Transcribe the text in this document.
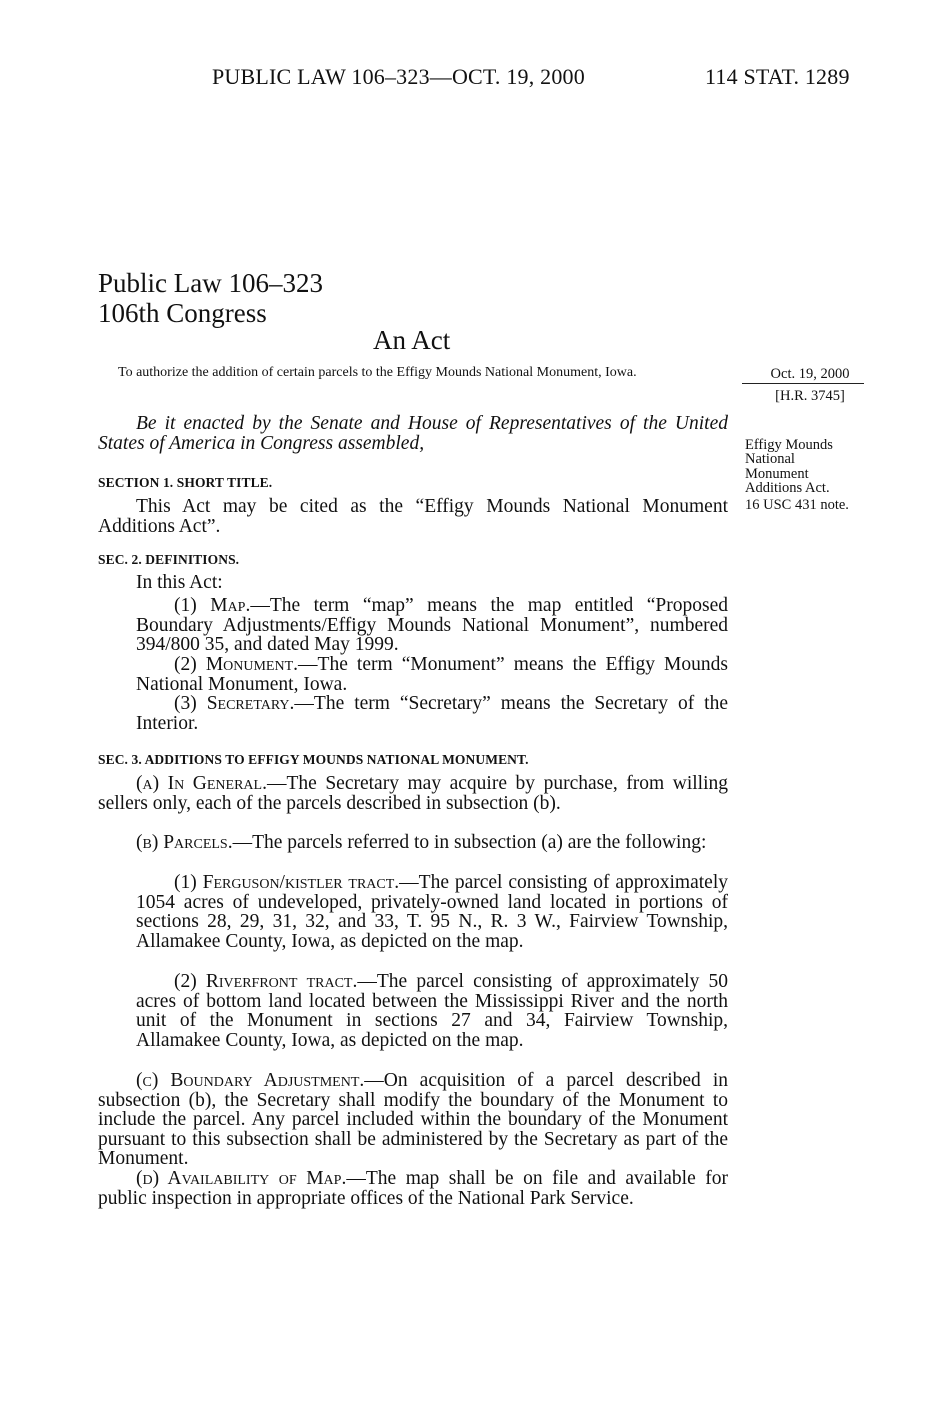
PUBLIC LAW 106–323—OCT. 19, 2000	114 STAT. 1289
Public Law 106–323
106th Congress
An Act
To authorize the addition of certain parcels to the Effigy Mounds National Monument, Iowa.	Oct. 19, 2000
[H.R. 3745]
Effigy Mounds National Monument Additions Act.
16 USC 431 note.
Be it enacted by the Senate and House of Representatives of the United States of America in Congress assembled,
SECTION 1. SHORT TITLE.
This Act may be cited as the “Effigy Mounds National Monument Additions Act”.
SEC. 2. DEFINITIONS.
In this Act:
(1) Map.—The term “map” means the map entitled “Proposed Boundary Adjustments/Effigy Mounds National Monument”, numbered 394/800 35, and dated May 1999.
(2) Monument.—The term “Monument” means the Effigy Mounds National Monument, Iowa.
(3) Secretary.—The term “Secretary” means the Secretary of the Interior.
SEC. 3. ADDITIONS TO EFFIGY MOUNDS NATIONAL MONUMENT.
(a) In General.—The Secretary may acquire by purchase, from willing sellers only, each of the parcels described in subsection (b).
(b) Parcels.—The parcels referred to in subsection (a) are the following:
(1) Ferguson/kistler tract.—The parcel consisting of approximately 1054 acres of undeveloped, privately-owned land located in portions of sections 28, 29, 31, 32, and 33, T. 95 N., R. 3 W., Fairview Township, Allamakee County, Iowa, as depicted on the map.
(2) Riverfront tract.—The parcel consisting of approximately 50 acres of bottom land located between the Mississippi River and the north unit of the Monument in sections 27 and 34, Fairview Township, Allamakee County, Iowa, as depicted on the map.
(c) Boundary Adjustment.—On acquisition of a parcel described in subsection (b), the Secretary shall modify the boundary of the Monument to include the parcel. Any parcel included within the boundary of the Monument pursuant to this subsection shall be administered by the Secretary as part of the Monument.
(d) Availability of Map.—The map shall be on file and available for public inspection in appropriate offices of the National Park Service.
